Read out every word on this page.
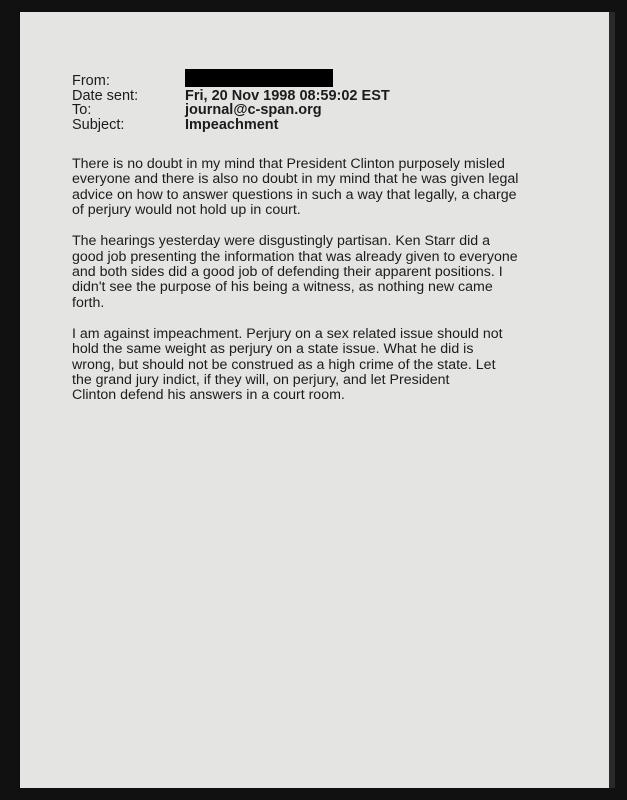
From:
Date sent:	Fri, 20 Nov 1998 08:59:02 EST
To:	journal@c-span.org
Subject:	Impeachment

There is no doubt in my mind that President Clinton purposely misled
everyone and there is also no doubt in my mind that he was given legal
advice on how to answer questions in such a way that legally, a charge
of perjury would not hold up in court.

The hearings yesterday were disgustingly partisan. Ken Starr did a
good job presenting the information that was already given to everyone
and both sides did a good job of defending their apparent positions. I
didn't see the purpose of his being a witness, as nothing new came
forth.

I am against impeachment. Perjury on a sex related issue should not
hold the same weight as perjury on a state issue. What he did is
wrong, but should not be construed as a high crime of the state. Let
the grand jury indict, if they will, on perjury, and let President
Clinton defend his answers in a court room.
